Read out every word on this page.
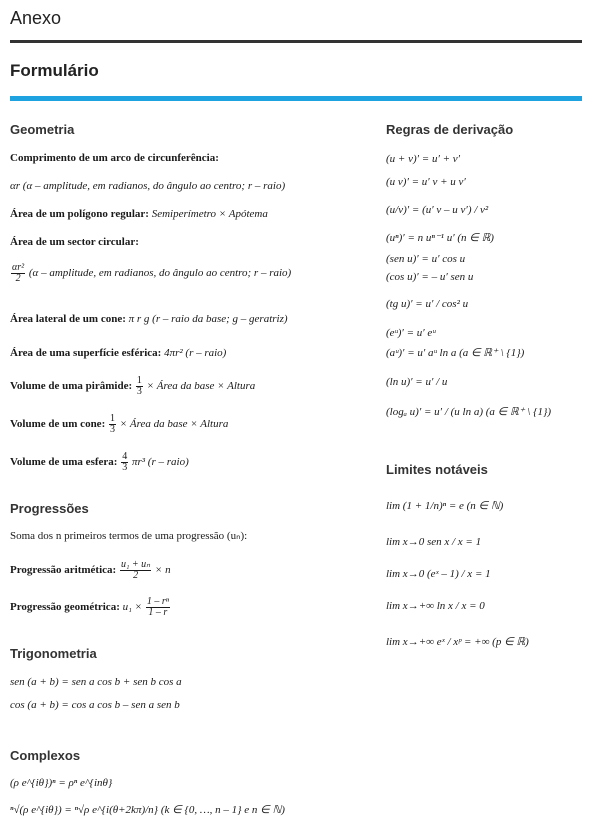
Anexo
Formulário
Geometria
Comprimento de um arco de circunferência:
αr (α – amplitude, em radianos, do ângulo ao centro; r – raio)
Área de um polígono regular: Semiperímetro × Apótema
Área de um sector circular:
$\frac{\text{αr²}}{2} (\alpha$ – amplitude, em radianos, do ângulo ao centro; r – raio)
Área lateral de um cone: π r g (r – raio da base; g – geratriz)
Área de uma superfície esférica: 4πr² (r – raio)
Volume de uma pirâmide: $\frac{1}{3}$ × Área da base × Altura
Volume de um cone: $\frac{1}{3}$ × Área da base × Altura
Volume de uma esfera: $\frac{4}{3} \pi r^3$ (r – raio)
Progressões
Soma dos n primeiros termos de uma progressão (uₙ):
Progressão aritmética: $\frac{\text{u₁ + uₙ}}{2} \times n$
Progressão geométrica: $u_1 \times \frac{\text{1 – rⁿ}}{1 - r}$
Trigonometria
sen (a + b) = sen a cos b + sen b cos a
cos (a + b) = cos a cos b – sen a sen b
Complexos
(ρ e^{iθ})ⁿ = ρⁿ e^{inθ}
ⁿ√(ρ e^{iθ}) = ⁿ√ρ e^{i(θ+2kπ)/n} (k ∈ {0, …, n – 1} e n ∈ ℕ)
Regras de derivação
(u + v)′ = u′ + v′
(u v)′ = u′ v + u v′
(u/v)′ = (u′ v – u v′) / v²
(uⁿ)′ = n uⁿ⁻¹ u′ (n ∈ ℝ)
(sen u)′ = u′ cos u
(cos u)′ = – u′ sen u
(tg u)′ = u′ / cos² u
(eᵘ)′ = u′ eᵘ
(aᵘ)′ = u′ aᵘ ln a (a ∈ ℝ⁺ \ {1})
(ln u)′ = u′ / u
(logₐ u)′ = u′ / (u ln a) (a ∈ ℝ⁺ \ {1})
Limites notáveis
lim (1 + 1/n)ⁿ = e (n ∈ ℕ)
lim x→0 sen x / x = 1
lim x→0 (eˣ – 1) / x = 1
lim x→+∞ ln x / x = 0
lim x→+∞ eˣ / xᵖ = +∞ (p ∈ ℝ)
